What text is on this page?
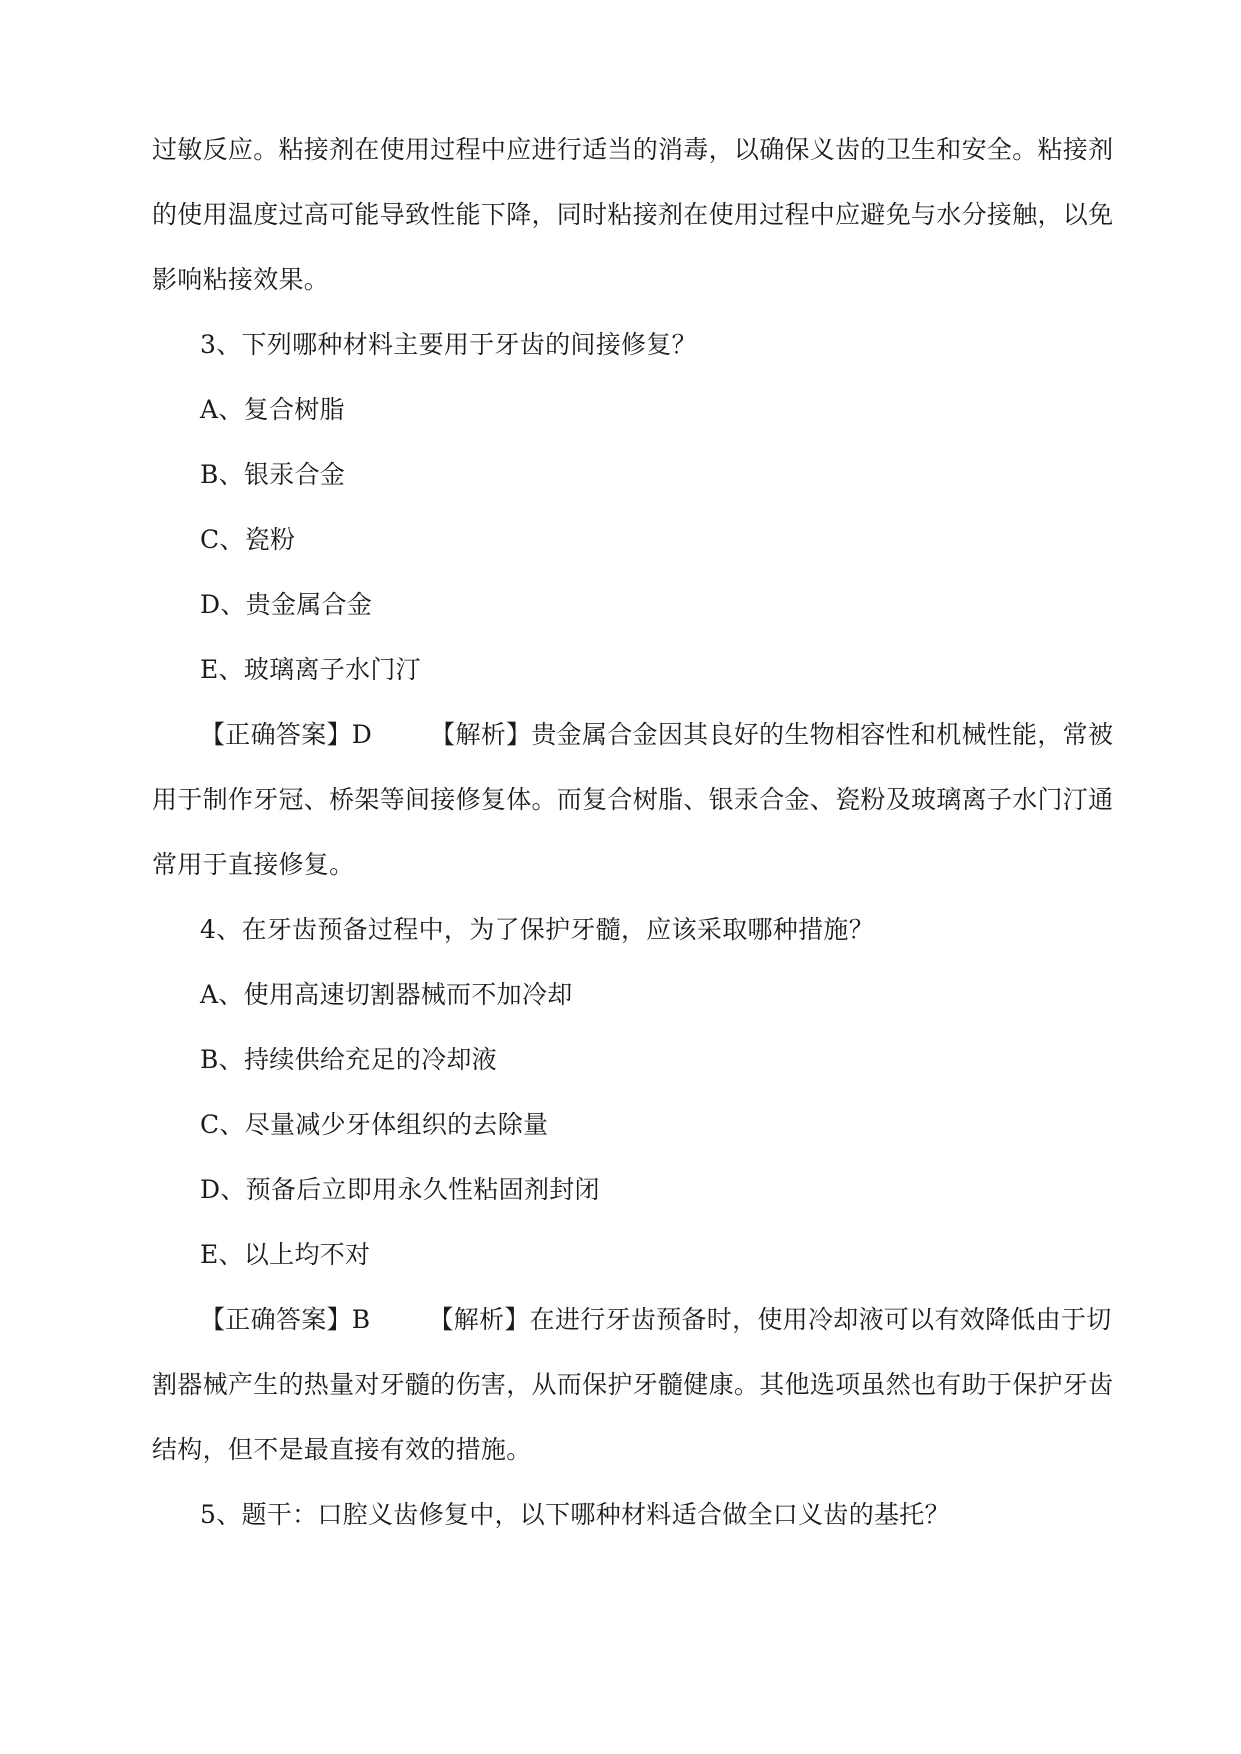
过敏反应。粘接剂在使用过程中应进行适当的消毒，以确保义齿的卫生和安全。粘接剂
的使用温度过高可能导致性能下降，同时粘接剂在使用过程中应避免与水分接触，以免
影响粘接效果。
3、下列哪种材料主要用于牙齿的间接修复？
A、复合树脂
B、银汞合金
C、瓷粉
D、贵金属合金
E、玻璃离子水门汀
【正确答案】D 【解析】贵金属合金因其良好的生物相容性和机械性能，常被
用于制作牙冠、桥架等间接修复体。而复合树脂、银汞合金、瓷粉及玻璃离子水门汀通
常用于直接修复。
4、在牙齿预备过程中，为了保护牙髓，应该采取哪种措施？
A、使用高速切割器械而不加冷却
B、持续供给充足的冷却液
C、尽量减少牙体组织的去除量
D、预备后立即用永久性粘固剂封闭
E、以上均不对
【正确答案】B 【解析】在进行牙齿预备时，使用冷却液可以有效降低由于切
割器械产生的热量对牙髓的伤害，从而保护牙髓健康。其他选项虽然也有助于保护牙齿
结构，但不是最直接有效的措施。
5、题干：口腔义齿修复中，以下哪种材料适合做全口义齿的基托？
